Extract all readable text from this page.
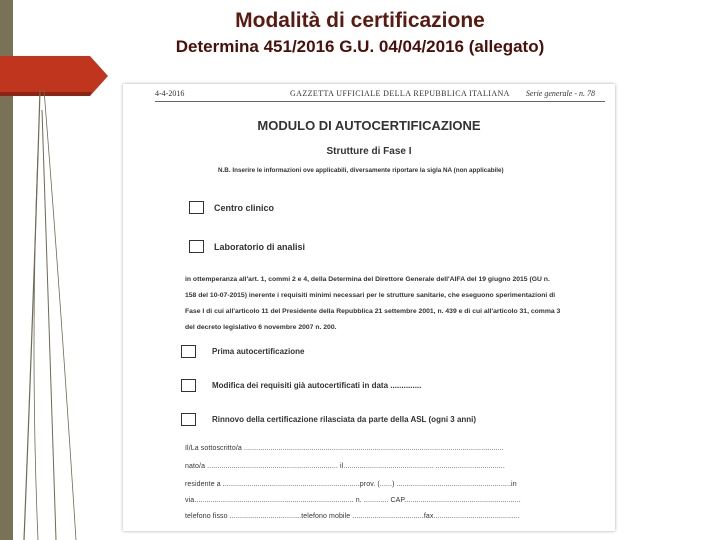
Modalità di certificazione
Determina 451/2016 G.U. 04/04/2016 (allegato)
4-4-2016	GAZZETTA UFFICIALE DELLA REPUBBLICA ITALIANA Serie generale - n. 78
MODULO DI AUTOCERTIFICAZIONE
Strutture di Fase I
N.B. Inserire le informazioni ove applicabili, diversamente riportare la sigla NA (non applicabile)
Centro clinico
Laboratorio di analisi
in ottemperanza all'art. 1, commi 2 e 4, della Determina del Direttore Generale dell'AIFA del 19 giugno 2015 (GU n. 158 del 10-07-2015) inerente i requisiti minimi necessari per le strutture sanitarie, che eseguono sperimentazioni di Fase I di cui all'articolo 11 del Presidente della Repubblica 21 settembre 2001, n. 439 e di cui all'articolo 31, comma 3 del decreto legislativo 6 novembre 2007 n. 200.
Prima autocertificazione
Modifica dei requisiti già autocertificati in data ..............
Rinnovo della certificazione rilasciata da parte della ASL (ogni 3 anni)
Il/La sottoscritto/a ...............................................................................................................................
nato/a ................................................................ il............................................ ..................................
residente a ...................................................................prov. (......) ........................................................in
via.............................................................................. n. ............ CAP.........................................................
telefono fisso ...................................telefono mobile ...................................fax..........................................
